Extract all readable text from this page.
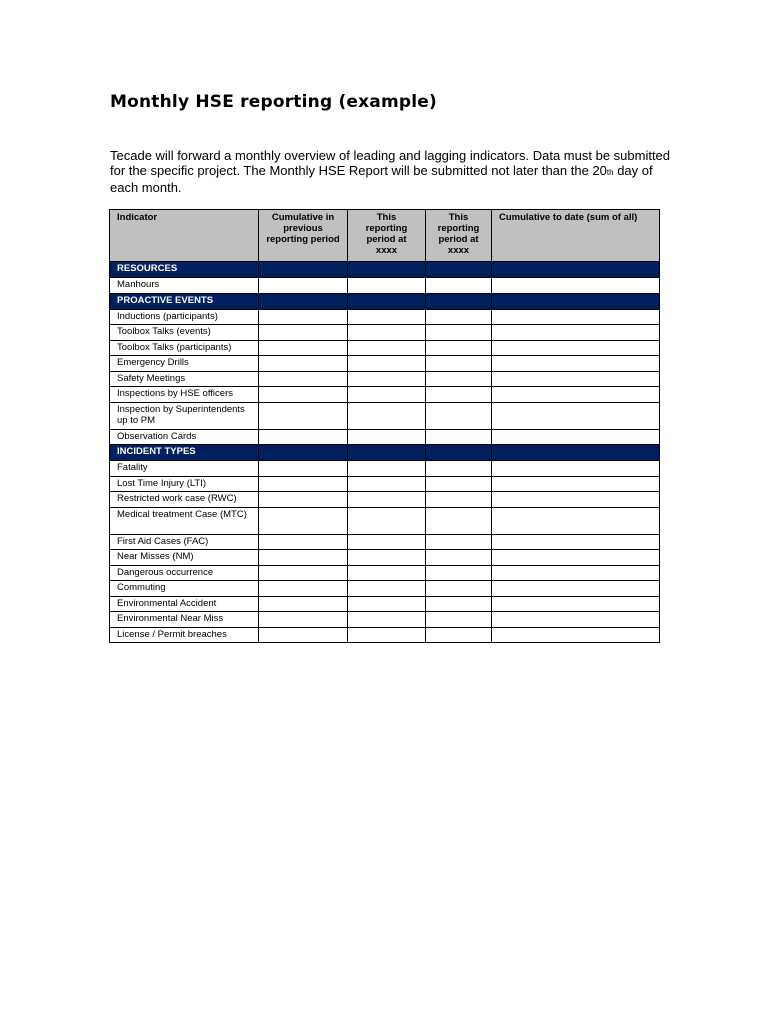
Monthly HSE reporting (example)

Tecade will forward a monthly overview of leading and lagging indicators. Data must be submitted for the specific project. The Monthly HSE Report will be submitted not later than the 20th day of each month.

Indicator	Cumulative in previous reporting period	This reporting period at xxxx	This reporting period at xxxx	Cumulative to date (sum of all)
RESOURCES				
Manhours				
PROACTIVE EVENTS				
Inductions (participants)				
Toolbox Talks (events)				
Toolbox Talks (participants)				
Emergency Drills				
Safety Meetings				
Inspections by HSE officers				
Inspection by Superintendents up to PM				
Observation Cards				
INCIDENT TYPES				
Fatality				
Lost Time Injury (LTI)				
Restricted work case (RWC)				
Medical treatment Case (MTC)				
First Aid Cases (FAC)				
Near Misses (NM)				
Dangerous occurrence				
Commuting				
Environmental Accident				
Environmental Near Miss				
License / Permit breaches				
